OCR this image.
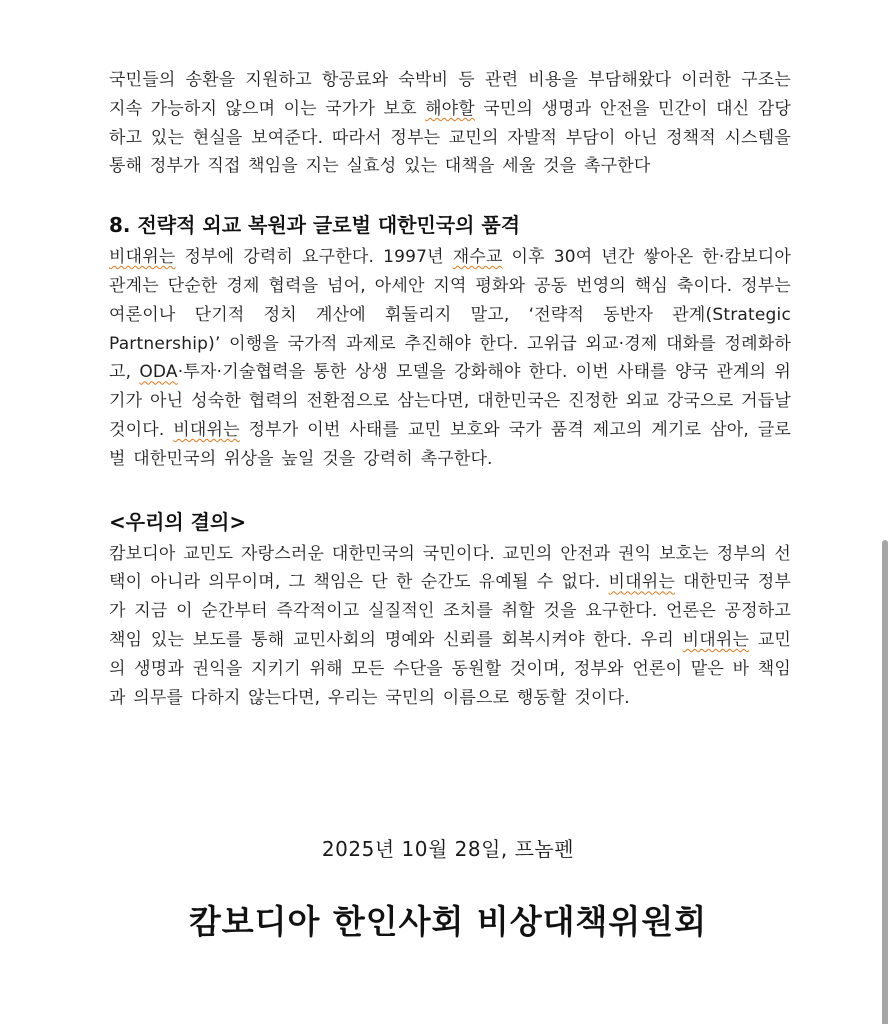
국민들의 송환을 지원하고 항공료와 숙박비 등 관련 비용을 부담해왔다 이러한 구조는 지속 가능하지 않으며 이는 국가가 보호 해야할 국민의 생명과 안전을 민간이 대신 감당하고 있는 현실을 보여준다. 따라서 정부는 교민의 자발적 부담이 아닌 정책적 시스템을 통해 정부가 직접 책임을 지는 실효성 있는 대책을 세울 것을 촉구한다

8. 전략적 외교 복원과 글로벌 대한민국의 품격

비대위는 정부에 강력히 요구한다. 1997년 재수교 이후 30여 년간 쌓아온 한·캄보디아 관계는 단순한 경제 협력을 넘어, 아세안 지역 평화와 공동 번영의 핵심 축이다. 정부는 여론이나 단기적 정치 계산에 휘둘리지 말고, ‘전략적 동반자 관계(Strategic Partnership)’ 이행을 국가적 과제로 추진해야 한다. 고위급 외교·경제 대화를 정례화하고, ODA·투자·기술협력을 통한 상생 모델을 강화해야 한다. 이번 사태를 양국 관계의 위기가 아닌 성숙한 협력의 전환점으로 삼는다면, 대한민국은 진정한 외교 강국으로 거듭날 것이다. 비대위는 정부가 이번 사태를 교민 보호와 국가 품격 제고의 계기로 삼아, 글로벌 대한민국의 위상을 높일 것을 강력히 촉구한다.

<우리의 결의>

캄보디아 교민도 자랑스러운 대한민국의 국민이다. 교민의 안전과 권익 보호는 정부의 선택이 아니라 의무이며, 그 책임은 단 한 순간도 유예될 수 없다. 비대위는 대한민국 정부가 지금 이 순간부터 즉각적이고 실질적인 조치를 취할 것을 요구한다. 언론은 공정하고 책임 있는 보도를 통해 교민사회의 명예와 신뢰를 회복시켜야 한다. 우리 비대위는 교민의 생명과 권익을 지키기 위해 모든 수단을 동원할 것이며, 정부와 언론이 맡은 바 책임과 의무를 다하지 않는다면, 우리는 국민의 이름으로 행동할 것이다.

2025년 10월 28일, 프놈펜
캄보디아 한인사회 비상대책위원회
